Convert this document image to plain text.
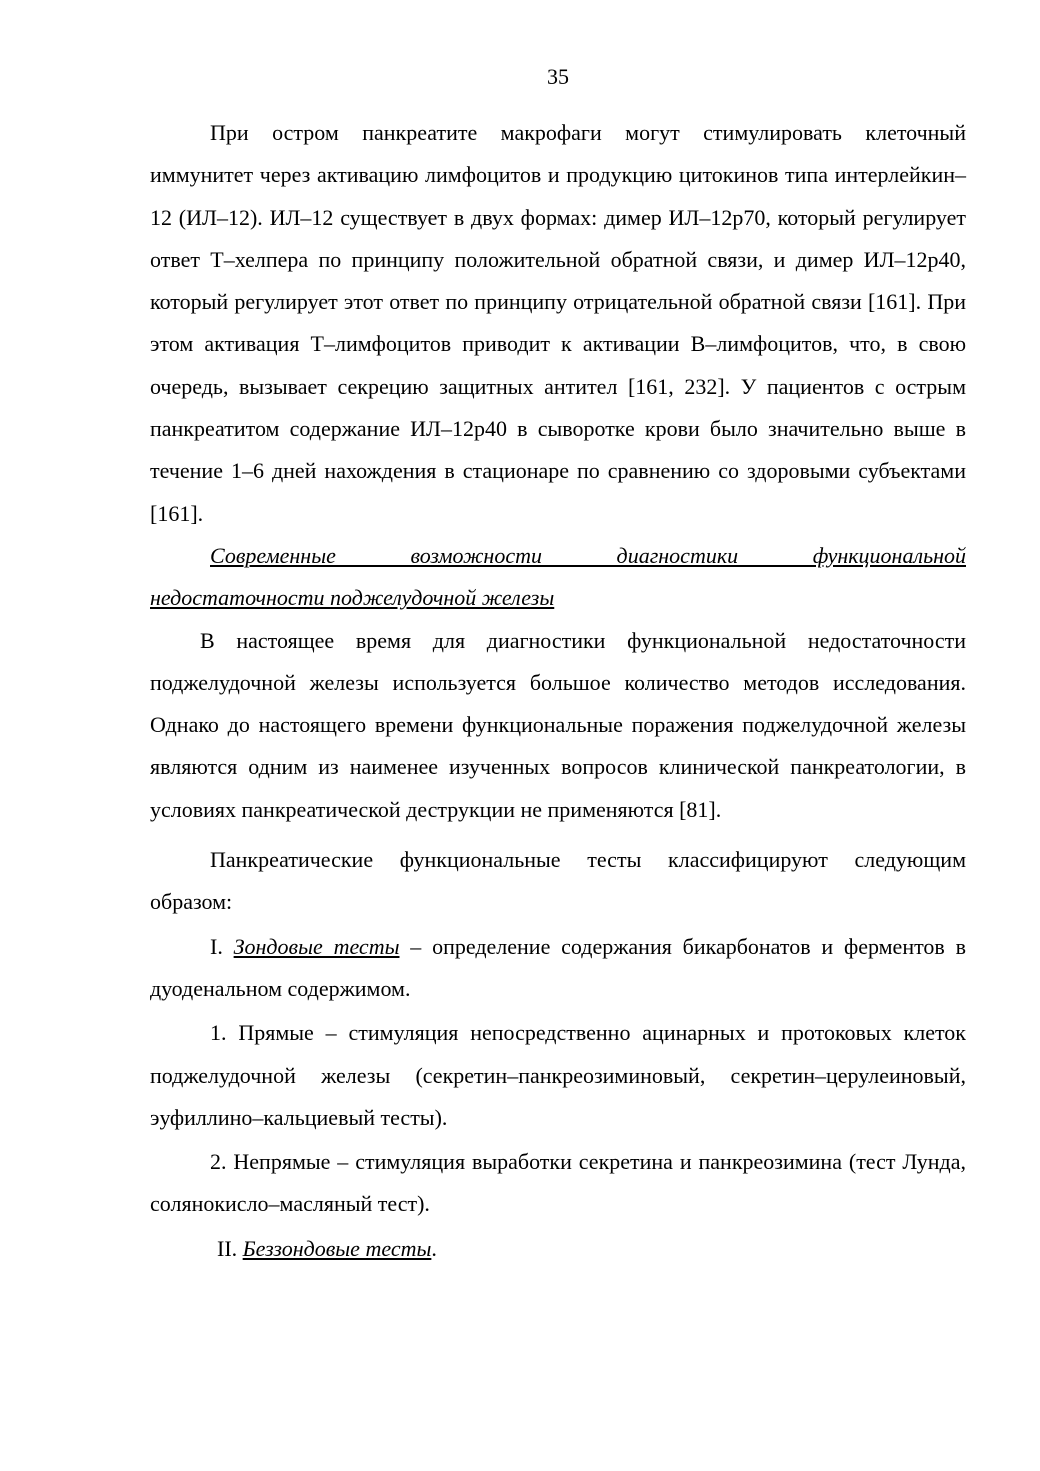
35

При остром панкреатите макрофаги могут стимулировать клеточный иммунитет через активацию лимфоцитов и продукцию цитокинов типа интерлейкин–12 (ИЛ–12). ИЛ–12 существует в двух формах: димер ИЛ–12р70, который регулирует ответ Т–хелпера по принципу положительной обратной связи, и димер ИЛ–12р40, который регулирует этот ответ по принципу отрицательной обратной связи [161]. При этом активация Т–лимфоцитов приводит к активации В–лимфоцитов, что, в свою очередь, вызывает секрецию защитных антител [161, 232]. У пациентов с острым панкреатитом содержание ИЛ–12р40 в сыворотке крови было значительно выше в течение 1–6 дней нахождения в стационаре по сравнению со здоровыми субъектами [161].

Современные возможности диагностики функциональной
недостаточности поджелудочной железы

В настоящее время для диагностики функциональной недостаточности поджелудочной железы используется большое количество методов исследования. Однако до настоящего времени функциональные поражения поджелудочной железы являются одним из наименее изученных вопросов клинической панкреатологии, в условиях панкреатической деструкции не применяются [81].

Панкреатические функциональные тесты классифицируют следующим образом:

I. Зондовые тесты – определение содержания бикарбонатов и ферментов в дуоденальном содержимом.

1. Прямые – стимуляция непосредственно ацинарных и протоковых клеток поджелудочной железы (секретин–панкреозиминовый, секретин–церулеиновый, эуфиллино–кальциевый тесты).

2. Непрямые – стимуляция выработки секретина и панкреозимина (тест Лунда, солянокисло–масляный тест).

II. Беззондовые тесты.
